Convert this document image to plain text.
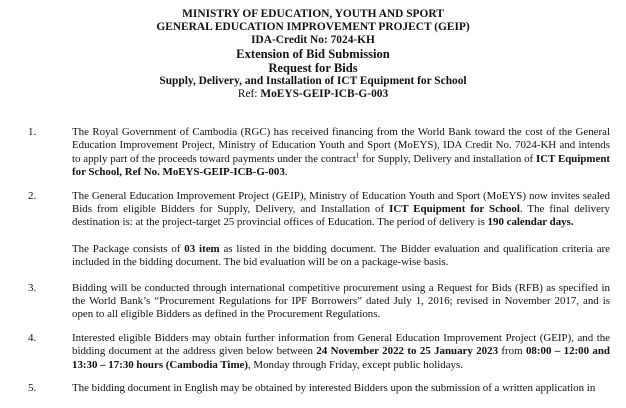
MINISTRY OF EDUCATION, YOUTH AND SPORT
GENERAL EDUCATION IMPROVEMENT PROJECT (GEIP)
IDA-Credit No: 7024-KH
Extension of Bid Submission
Request for Bids
Supply, Delivery, and Installation of ICT Equipment for School
Ref: MoEYS-GEIP-ICB-G-003
1.	The Royal Government of Cambodia (RGC) has received financing from the World Bank toward the cost of the General Education Improvement Project, Ministry of Education Youth and Sport (MoEYS), IDA Credit No. 7024-KH and intends to apply part of the proceeds toward payments under the contract$^1$ for Supply, Delivery and installation of ICT Equipment for School, Ref No. MoEYS-GEIP-ICB-G-003.

2.	The General Education Improvement Project (GEIP), Ministry of Education Youth and Sport (MoEYS) now invites sealed Bids from eligible Bidders for Supply, Delivery, and Installation of ICT Equipment for School. The final delivery destination is: at the project-target 25 provincial offices of Education. The period of delivery is 190 calendar days.

The Package consists of 03 item as listed in the bidding document. The Bidder evaluation and qualification criteria are included in the bidding document. The bid evaluation will be on a package-wise basis.

3.	Bidding will be conducted through international competitive procurement using a Request for Bids (RFB) as specified in the World Bank’s “Procurement Regulations for IPF Borrowers” dated July 1, 2016; revised in November 2017, and is open to all eligible Bidders as defined in the Procurement Regulations.

4.	Interested eligible Bidders may obtain further information from General Education Improvement Project (GEIP), and the bidding document at the address given below between 24 November 2022 to 25 January 2023 from 08:00 – 12:00 and 13:30 – 17:30 hours (Cambodia Time), Monday through Friday, except public holidays.

5.	The bidding document in English may be obtained by interested Bidders upon the submission of a written application in
